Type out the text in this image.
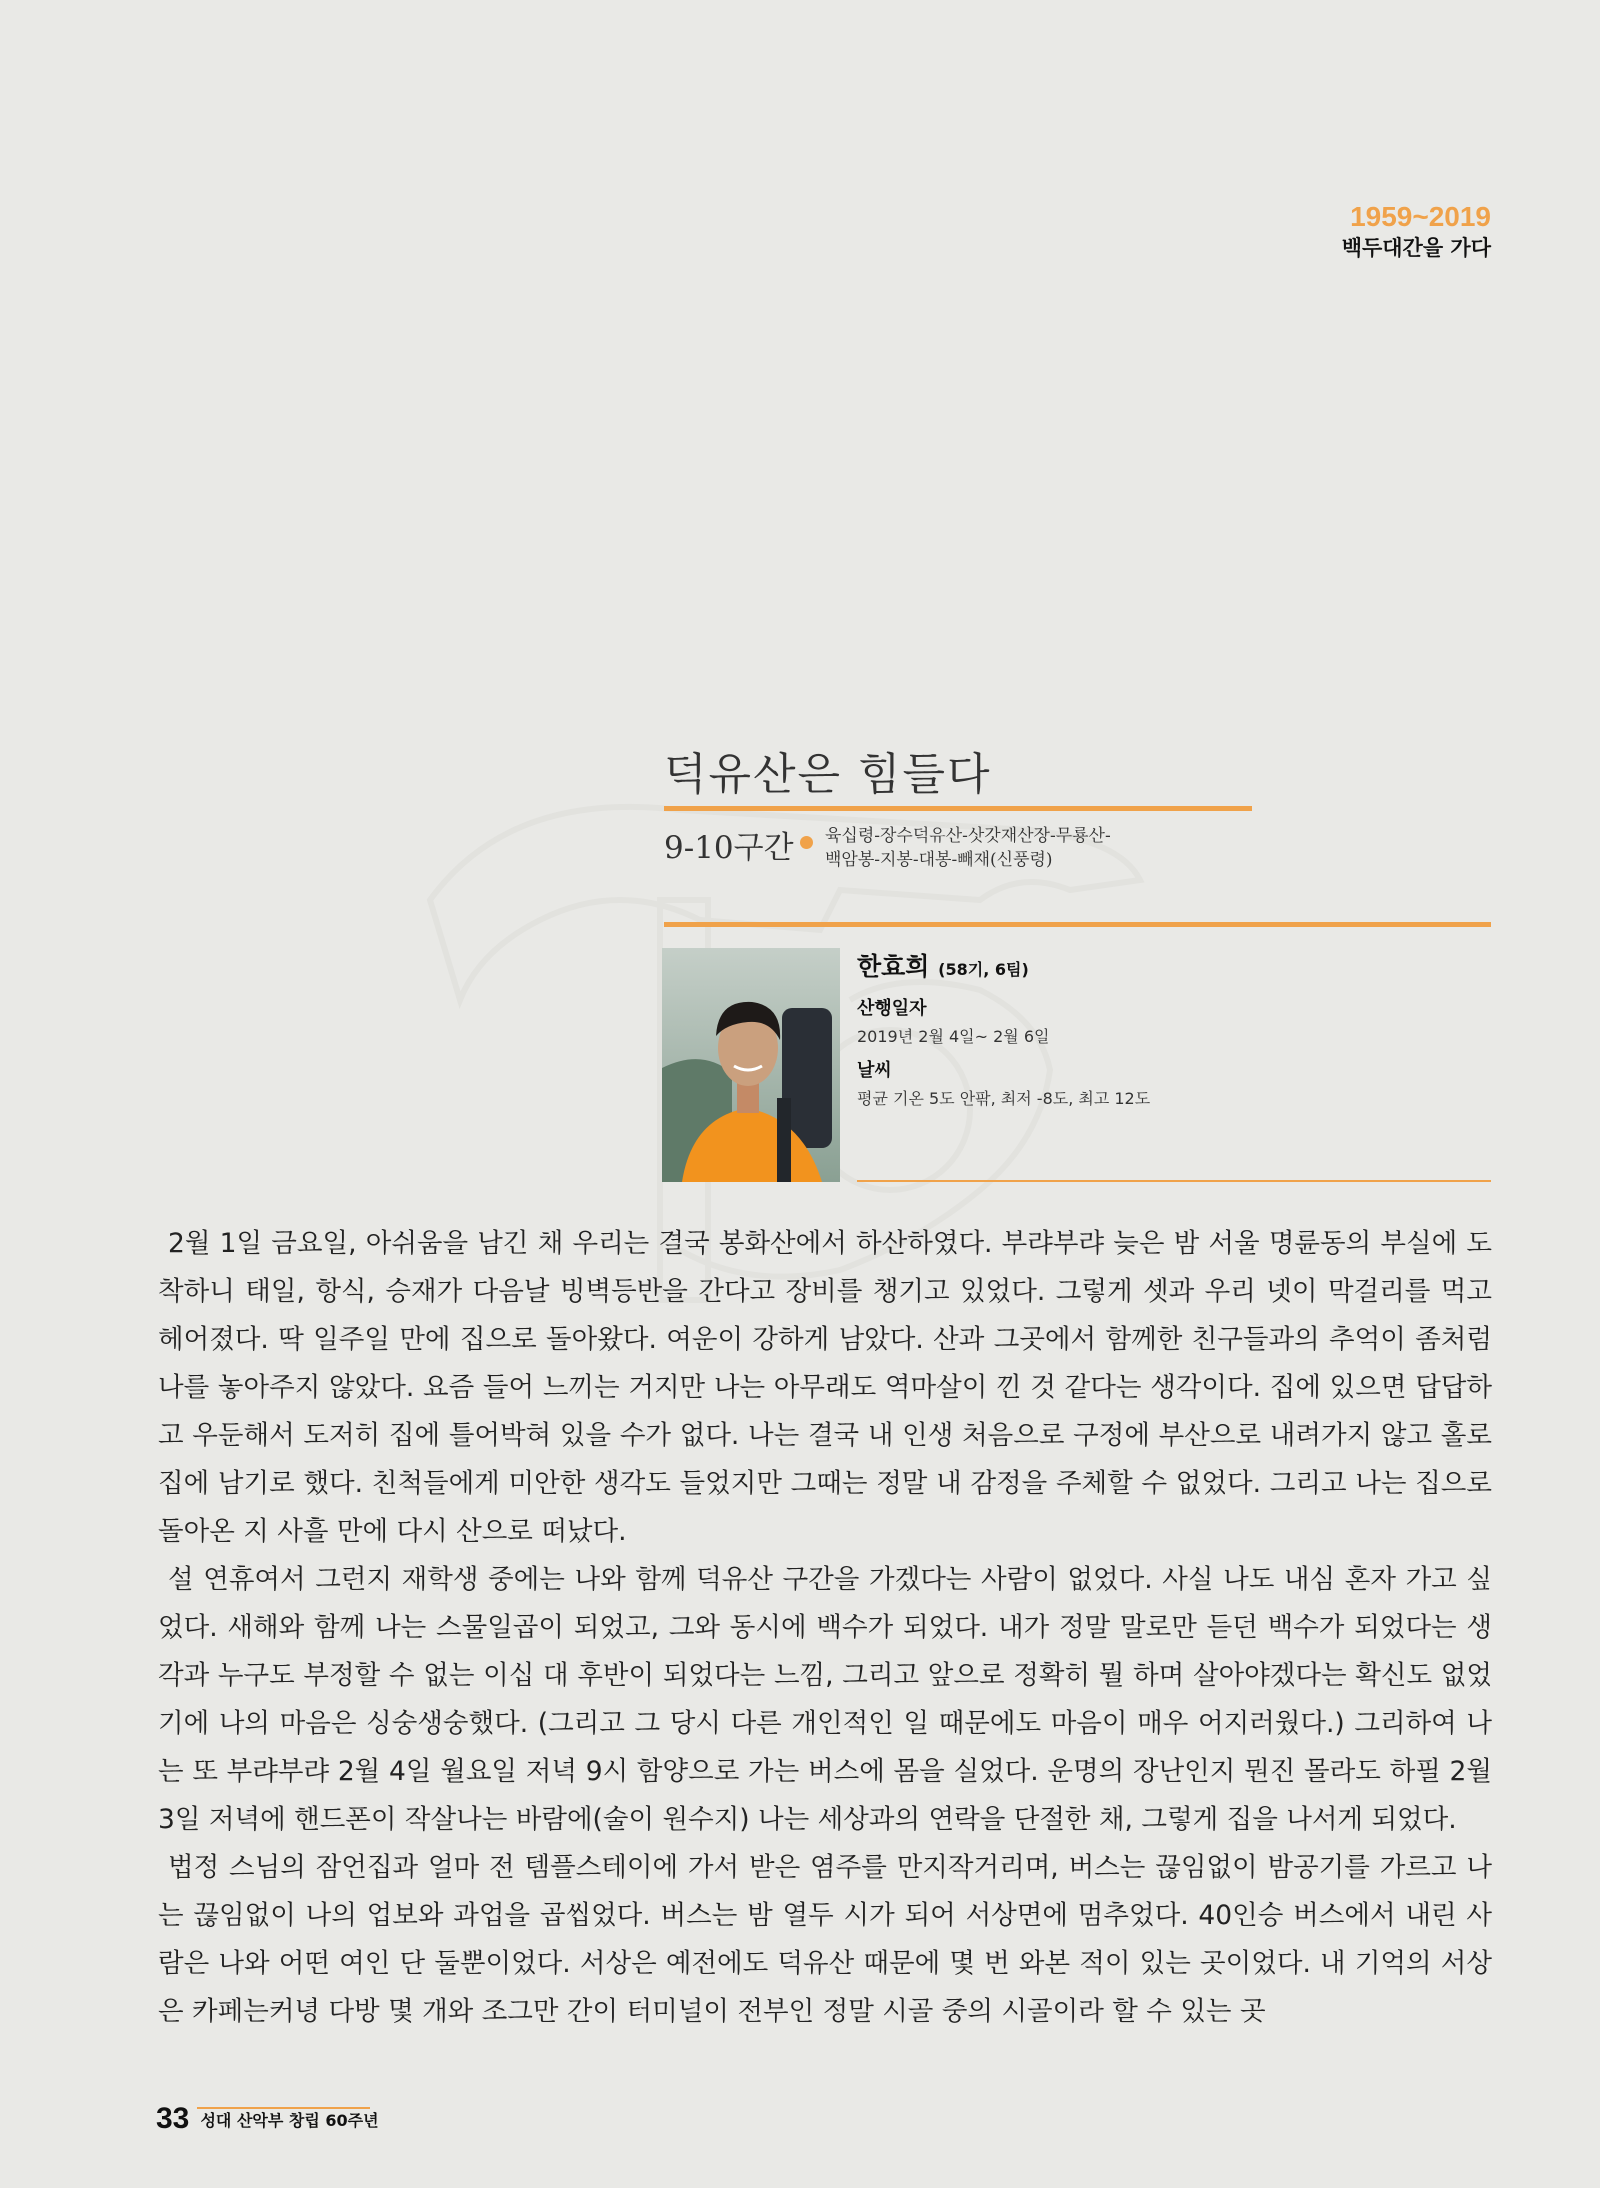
1959~2019
백두대간을 가다
덕유산은 힘들다
9-10구간 육십령-장수덕유산-삿갓재산장-무룡산-
백암봉-지봉-대봉-빼재(신풍령)
한효희 (58기, 6팀)
산행일자
2019년 2월 4일~ 2월 6일
날씨
평균 기온 5도 안팎, 최저 -8도, 최고 12도

2월 1일 금요일, 아쉬움을 남긴 채 우리는 결국 봉화산에서 하산하였다. 부랴부랴 늦은 밤 서울 명륜동의 부실에 도착하니 태일, 항식, 승재가 다음날 빙벽등반을 간다고 장비를 챙기고 있었다. 그렇게 셋과 우리 넷이 막걸리를 먹고 헤어졌다. 딱 일주일 만에 집으로 돌아왔다. 여운이 강하게 남았다. 산과 그곳에서 함께한 친구들과의 추억이 좀처럼 나를 놓아주지 않았다. 요즘 들어 느끼는 거지만 나는 아무래도 역마살이 낀 것 같다는 생각이다. 집에 있으면 답답하고 우둔해서 도저히 집에 틀어박혀 있을 수가 없다. 나는 결국 내 인생 처음으로 구정에 부산으로 내려가지 않고 홀로 집에 남기로 했다. 친척들에게 미안한 생각도 들었지만 그때는 정말 내 감정을 주체할 수 없었다. 그리고 나는 집으로 돌아온 지 사흘 만에 다시 산으로 떠났다.

설 연휴여서 그런지 재학생 중에는 나와 함께 덕유산 구간을 가겠다는 사람이 없었다. 사실 나도 내심 혼자 가고 싶었다. 새해와 함께 나는 스물일곱이 되었고, 그와 동시에 백수가 되었다. 내가 정말 말로만 듣던 백수가 되었다는 생각과 누구도 부정할 수 없는 이십 대 후반이 되었다는 느낌, 그리고 앞으로 정확히 뭘 하며 살아야겠다는 확신도 없었기에 나의 마음은 싱숭생숭했다. (그리고 그 당시 다른 개인적인 일 때문에도 마음이 매우 어지러웠다.) 그리하여 나는 또 부랴부랴 2월 4일 월요일 저녁 9시 함양으로 가는 버스에 몸을 실었다. 운명의 장난인지 뭔진 몰라도 하필 2월 3일 저녁에 핸드폰이 작살나는 바람에(술이 원수지) 나는 세상과의 연락을 단절한 채, 그렇게 집을 나서게 되었다.

법정 스님의 잠언집과 얼마 전 템플스테이에 가서 받은 염주를 만지작거리며, 버스는 끊임없이 밤공기를 가르고 나는 끊임없이 나의 업보와 과업을 곱씹었다. 버스는 밤 열두 시가 되어 서상면에 멈추었다. 40인승 버스에서 내린 사람은 나와 어떤 여인 단 둘뿐이었다. 서상은 예전에도 덕유산 때문에 몇 번 와본 적이 있는 곳이었다. 내 기억의 서상은 카페는커녕 다방 몇 개와 조그만 간이 터미널이 전부인 정말 시골 중의 시골이라 할 수 있는 곳

33 성대 산악부 창립 60주년
